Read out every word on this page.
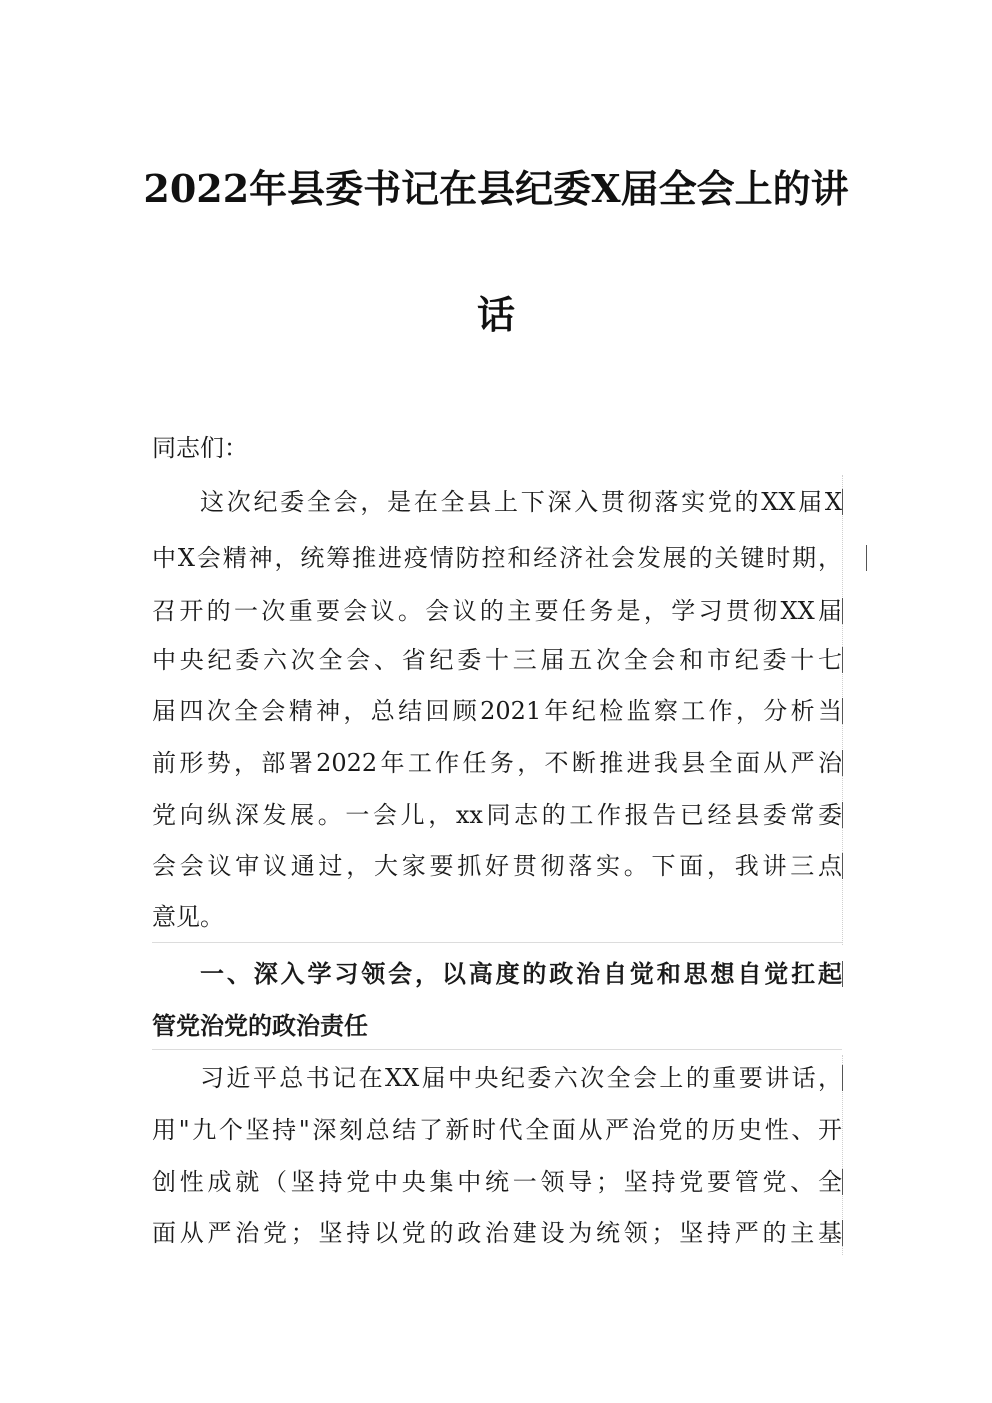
2022年县委书记在县纪委X届全会上的讲
话
同志们：
这次纪委全会，是在全县上下深入贯彻落实党的XX届X
中X会精神，统筹推进疫情防控和经济社会发展的关键时期，
召开的一次重要会议。会议的主要任务是，学习贯彻XX届
中央纪委六次全会、省纪委十三届五次全会和市纪委十七
届四次全会精神，总结回顾2021年纪检监察工作，分析当
前形势，部署2022年工作任务，不断推进我县全面从严治
党向纵深发展。一会儿，xx同志的工作报告已经县委常委
会会议审议通过，大家要抓好贯彻落实。下面，我讲三点
意见。
一、深入学习领会，以高度的政治自觉和思想自觉扛起
管党治党的政治责任
习近平总书记在XX届中央纪委六次全会上的重要讲话，
用"九个坚持"深刻总结了新时代全面从严治党的历史性、开
创性成就（坚持党中央集中统一领导；坚持党要管党、全
面从严治党；坚持以党的政治建设为统领；坚持严的主基
